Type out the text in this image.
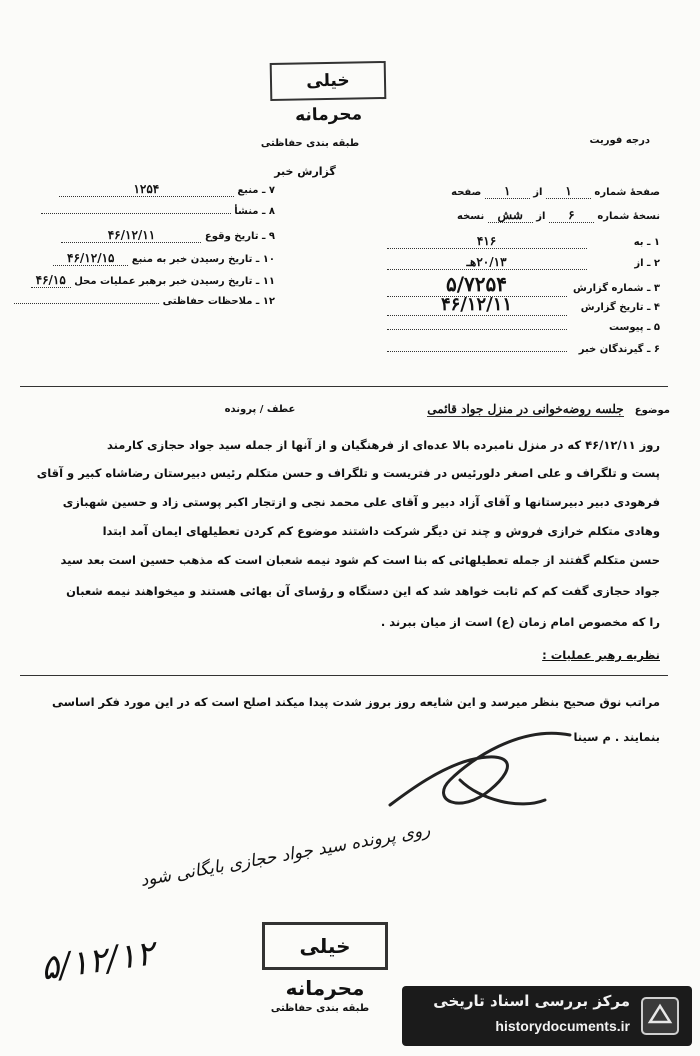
خیلی محرمانه
طبقه بندی حفاظتی	درجه فوریت
گزارش خبر
صفحهٔ شماره ۱ از ۱ صفحه
نسخهٔ شماره ۶ از شش نسخه
۱ ـ به ۴۱۶
۲ ـ از ۲۰/۱۳هـ
۳ ـ شماره گزارش ۵/۷۲۵۴
۴ ـ تاریخ گزارش ۴۶/۱۲/۱۱
۵ ـ پیوست
۶ ـ گیرندگان خبر
۷ ـ منبع ۱۲۵۴
۸ ـ منشأ
۹ ـ تاریخ وقوع ۴۶/۱۲/۱۱
۱۰ ـ تاریخ رسیدن خبر به منبع ۴۶/۱۲/۱۵
۱۱ ـ تاریخ رسیدن خبر برهبر عملیات محل ۴۶/۱۵
۱۲ ـ ملاحظات حفاظتی
عطف / پرونده	موضوع جلسه روضه‌خوانی در منزل جواد قائمی
روز ۴۶/۱۲/۱۱ که در منزل نامبرده بالا عده‌ای از فرهنگیان و از آنها از جمله سید جواد حجازی کارمند
پست و تلگراف و علی اصغر دلورئیس در فتریست و تلگراف و حسن متکلم رئیس دبیرستان رضاشاه کبیر و آقای
فرهودی دبیر دبیرستانها و آقای آزاد دبیر و آقای علی محمد نجی و ازتجار اکبر پوستی زاد و حسین شهبازی
وهادی متکلم خرازی فروش و چند تن دیگر شرکت داشتند موضوع کم کردن تعطیلهای ایمان آمد ابتدا
حسن متکلم گفتند از جمله تعطیلهائی که بنا است کم شود نیمه شعبان است که مذهب حسین است بعد سید
جواد حجازی گفت کم کم ثابت خواهد شد که این دستگاه و رؤسای آن بهائی هستند و میخواهند نیمه شعبان
را که مخصوص امام زمان (ع) است از میان ببرند .
نظریه رهبر عملیات :
مراتب نوق صحیح بنظر میرسد و این شایعه روز بروز شدت پیدا میکند اصلح است که در این مورد فکر اساسی
بنمایند . م سینا
روی پرونده سید جواد حجازی بایگانی شود
۵/۱۲/۱۲	خیلی محرمانه
طبقه بندی حفاظتی	مرکز بررسی اسناد تاریخی
historydocuments.ir
